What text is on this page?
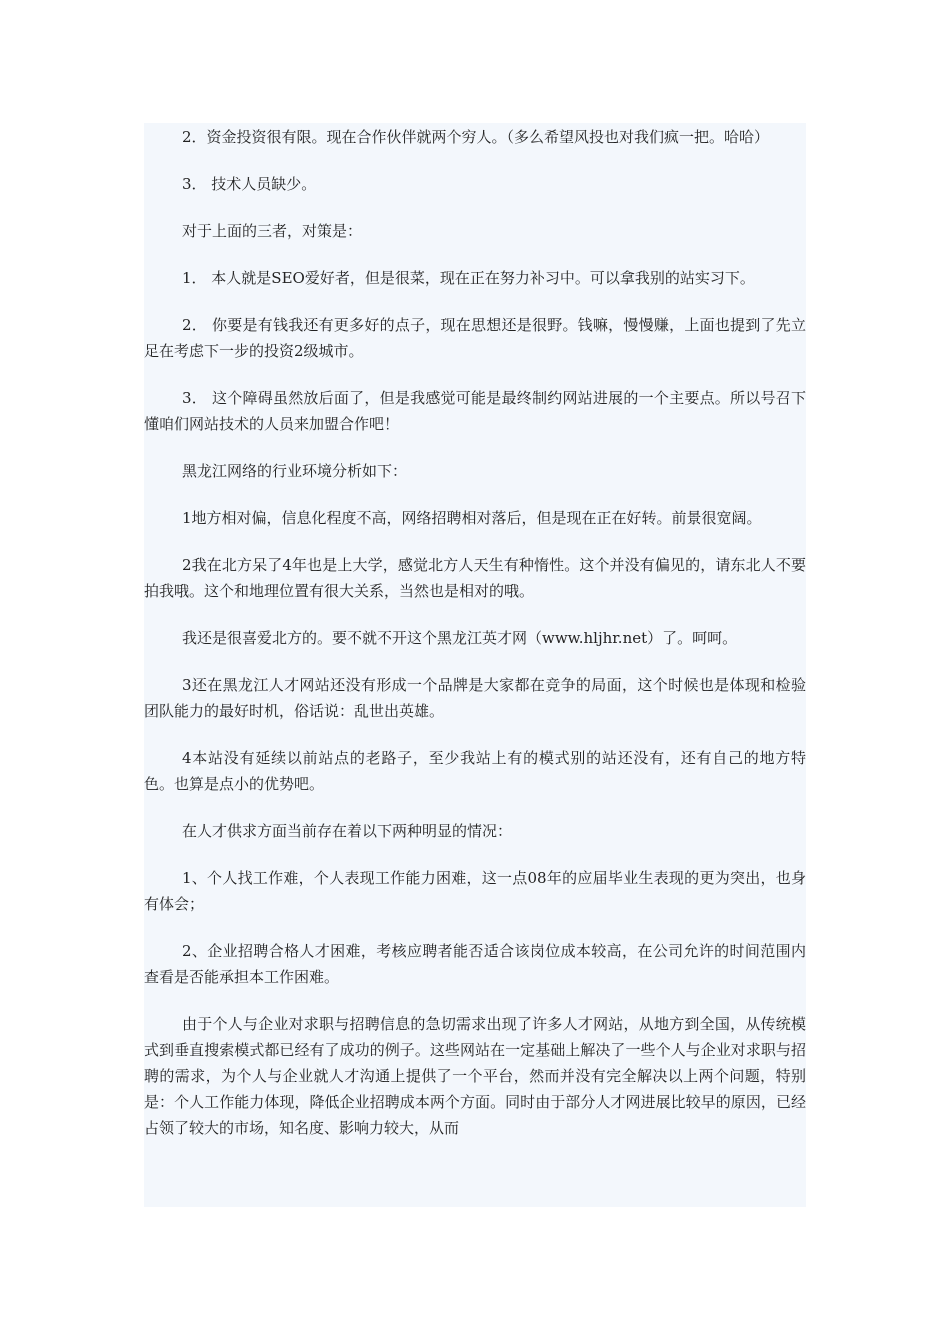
2．资金投资很有限。现在合作伙伴就两个穷人。（多么希望风投也对我们疯一把。哈哈）

3． 技术人员缺少。

对于上面的三者，对策是：

1． 本人就是SEO爱好者，但是很菜，现在正在努力补习中。可以拿我别的站实习下。

2． 你要是有钱我还有更多好的点子，现在思想还是很野。钱嘛，慢慢赚，上面也提到了先立足在考虑下一步的投资2级城市。

3． 这个障碍虽然放后面了，但是我感觉可能是最终制约网站进展的一个主要点。所以号召下懂咱们网站技术的人员来加盟合作吧！

黑龙江网络的行业环境分析如下：

1地方相对偏，信息化程度不高，网络招聘相对落后，但是现在正在好转。前景很宽阔。

2我在北方呆了4年也是上大学，感觉北方人天生有种惰性。这个并没有偏见的，请东北人不要拍我哦。这个和地理位置有很大关系，当然也是相对的哦。

我还是很喜爱北方的。要不就不开这个黑龙江英才网（www.hljhr.net）了。呵呵。

3还在黑龙江人才网站还没有形成一个品牌是大家都在竞争的局面，这个时候也是体现和检验团队能力的最好时机，俗话说：乱世出英雄。

4本站没有延续以前站点的老路子，至少我站上有的模式别的站还没有，还有自己的地方特色。也算是点小的优势吧。

在人才供求方面当前存在着以下两种明显的情况：

1、个人找工作难，个人表现工作能力困难，这一点08年的应届毕业生表现的更为突出，也身有体会；

2、企业招聘合格人才困难，考核应聘者能否适合该岗位成本较高，在公司允许的时间范围内查看是否能承担本工作困难。

由于个人与企业对求职与招聘信息的急切需求出现了许多人才网站，从地方到全国，从传统模式到垂直搜索模式都已经有了成功的例子。这些网站在一定基础上解决了一些个人与企业对求职与招聘的需求，为个人与企业就人才沟通上提供了一个平台，然而并没有完全解决以上两个问题，特别是：个人工作能力体现，降低企业招聘成本两个方面。同时由于部分人才网进展比较早的原因，已经占领了较大的市场，知名度、影响力较大，从而
